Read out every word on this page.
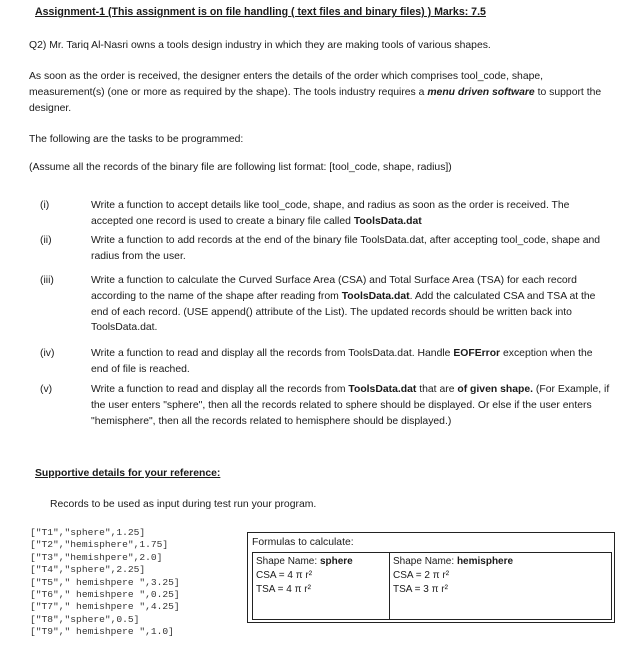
Assignment-1 (This assignment is on file handling ( text files and binary files) ) Marks: 7.5
Q2) Mr. Tariq Al-Nasri owns a tools design industry in which they are making tools of various shapes.
As soon as the order is received, the designer enters the details of the order which comprises tool_code, shape, measurement(s) (one or more as required by the shape). The tools industry requires a menu driven software to support the designer.
The following are the tasks to be programmed:
(Assume all the records of the binary file are following list format: [tool_code, shape, radius])
(i)	Write a function to accept details like tool_code, shape, and radius as soon as the order is received. The accepted one record is used to create a binary file called ToolsData.dat
(ii)	Write a function to add records at the end of the binary file ToolsData.dat, after accepting tool_code, shape and radius from the user.
(iii)	Write a function to calculate the Curved Surface Area (CSA) and Total Surface Area (TSA) for each record according to the name of the shape after reading from ToolsData.dat. Add the calculated CSA and TSA at the end of each record. (USE append() attribute of the List). The updated records should be written back into ToolsData.dat.
(iv)	Write a function to read and display all the records from ToolsData.dat. Handle EOFError exception when the end of file is reached.
(v)	Write a function to read and display all the records from ToolsData.dat that are of given shape. (For Example, if the user enters "sphere", then all the records related to sphere should be displayed. Or else if the user enters "hemisphere", then all the records related to hemisphere should be displayed.)
Supportive details for your reference:
Records to be used as input during test run your program.
["T1","sphere",1.25]
["T2","hemisphere",1.75]
["T3","hemishpere",2.0]
["T4","sphere",2.25]
["T5"," hemishpere ",3.25]
["T6"," hemishpere ",0.25]
["T7"," hemishpere ",4.25]
["T8","sphere",0.5]
["T9"," hemishpere ",1.0]
Formulas to calculate:
Shape Name: sphere
CSA = 4 π r²
TSA = 4 π r²
Shape Name: hemisphere
CSA = 2 π r²
TSA = 3 π r²
